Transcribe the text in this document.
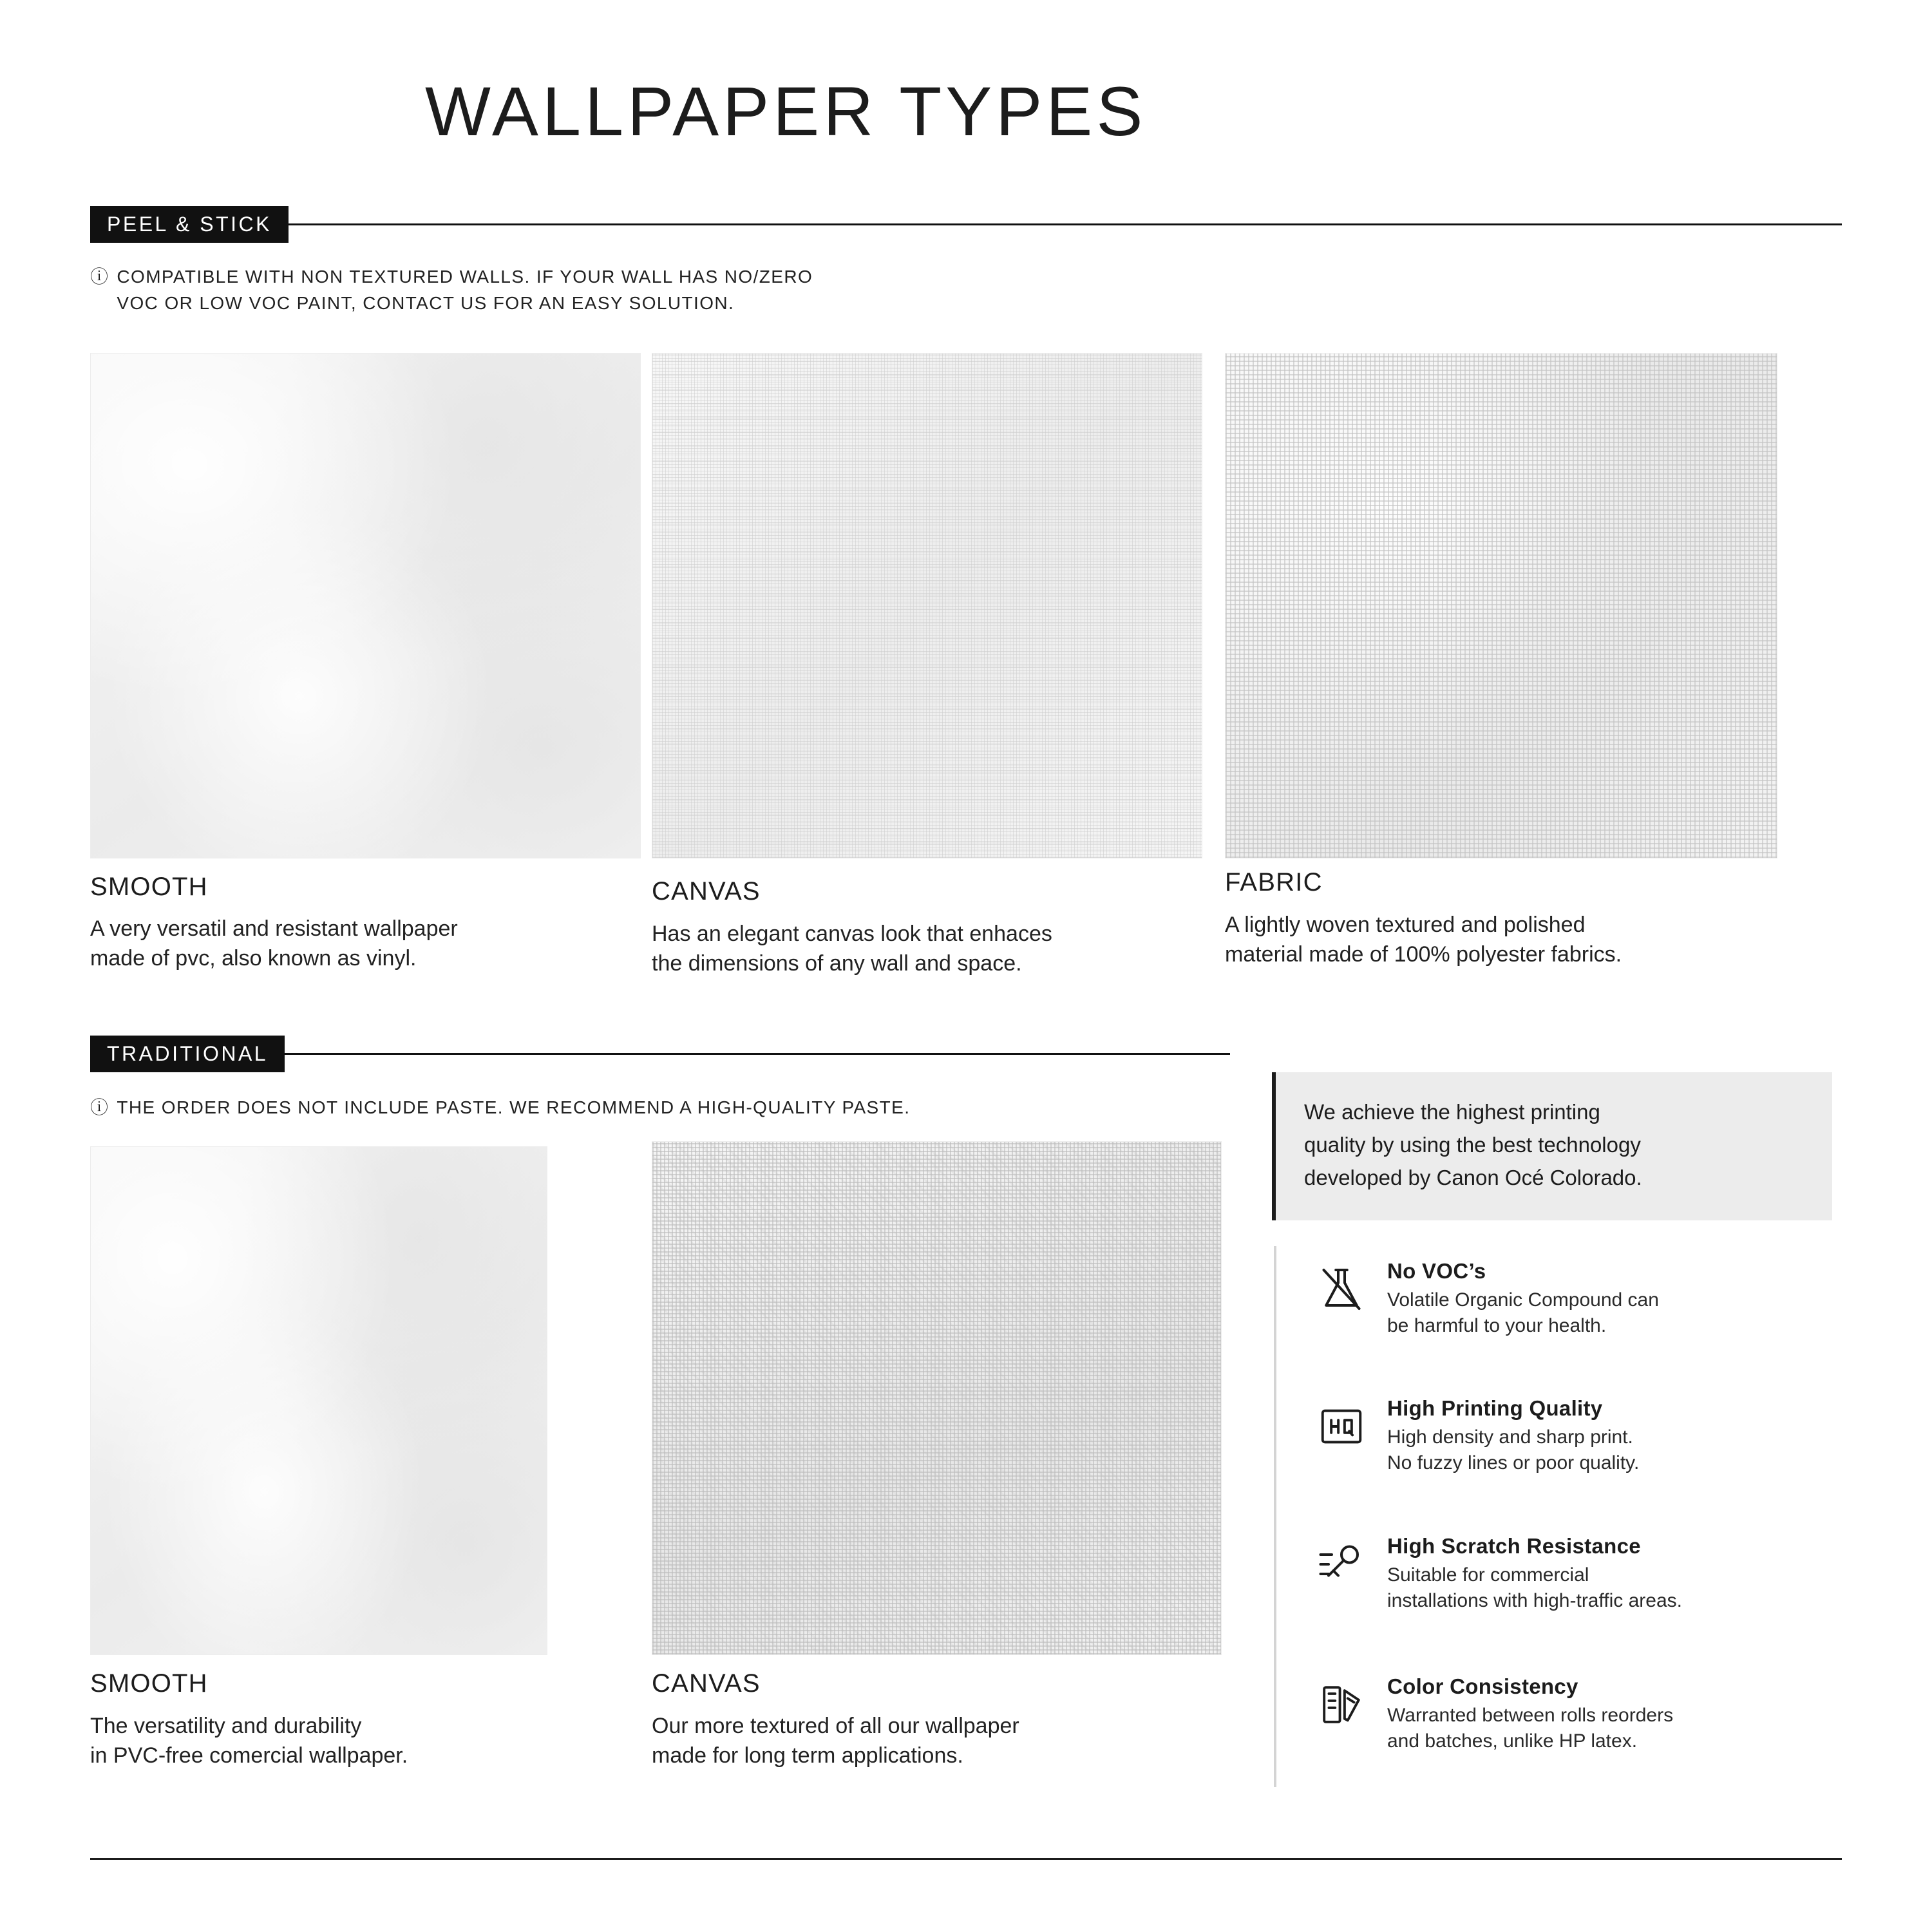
WALLPAPER TYPES
PEEL & STICK
ⓘ COMPATIBLE WITH NON TEXTURED WALLS. IF YOUR WALL HAS NO/ZERO
VOC OR LOW VOC PAINT, CONTACT US FOR AN EASY SOLUTION.
SMOOTH
A very versatil and resistant wallpaper
made of pvc, also known as vinyl.
CANVAS
Has an elegant canvas look that enhaces
the dimensions of any wall and space.
FABRIC
A lightly woven textured and polished
material made of 100% polyester fabrics.
TRADITIONAL
ⓘ THE ORDER DOES NOT INCLUDE PASTE. WE RECOMMEND A HIGH-QUALITY PASTE.
SMOOTH
The versatility and durability
in PVC-free comercial wallpaper.
CANVAS
Our more textured of all our wallpaper
made for long term applications.

We achieve the highest printing

quality by using the best technology

developed by Canon Océ Colorado.

No VOC’s

Volatile Organic Compound can
be harmful to your health.

High Printing Quality

High density and sharp print.
No fuzzy lines or poor quality.

High Scratch Resistance

Suitable for commercial
installations with high-traffic areas.

Color Consistency

Warranted between rolls reorders
and batches, unlike HP latex.
